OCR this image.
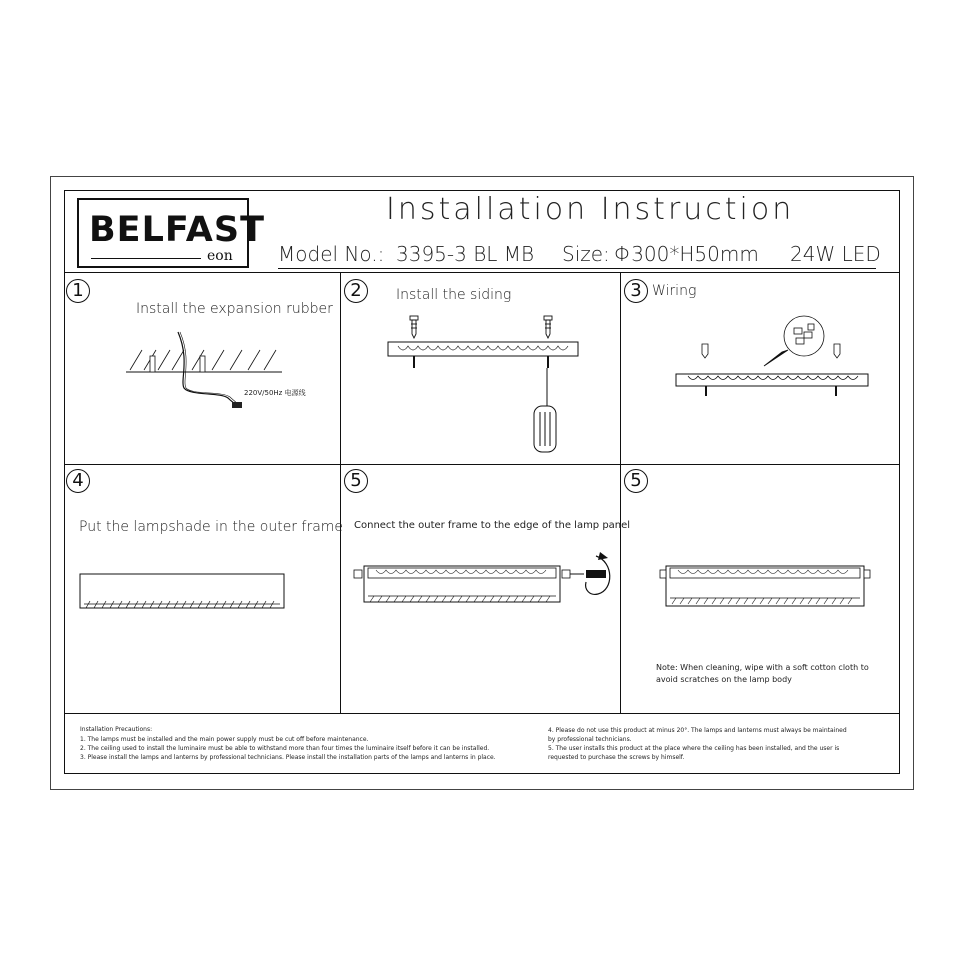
BELFAST
eon
Installation Instruction
Model No.: 3395-3 BL MB Size: Φ300*H50mm 24W LED
1
Install the expansion rubber
220V/50Hz 电源线
2	Install the siding	3 Wiring
4
Put the lampshade in the outer frame
5
Connect the outer frame to the edge of the lamp panel
5
Note: When cleaning, wipe with a soft cotton cloth to avoid scratches on the lamp body
Installation Precautions:
1. The lamps must be installed and the main power supply must be cut off before maintenance.
2. The ceiling used to install the luminaire must be able to withstand more than four times the luminaire itself before it can be installed.
3. Please install the lamps and lanterns by professional technicians. Please install the installation parts of the lamps and lanterns in place.
4. Please do not use this product at minus 20°. The lamps and lanterns must always be maintained
by professional technicians.
5. The user installs this product at the place where the ceiling has been installed, and the user is
requested to purchase the screws by himself.
